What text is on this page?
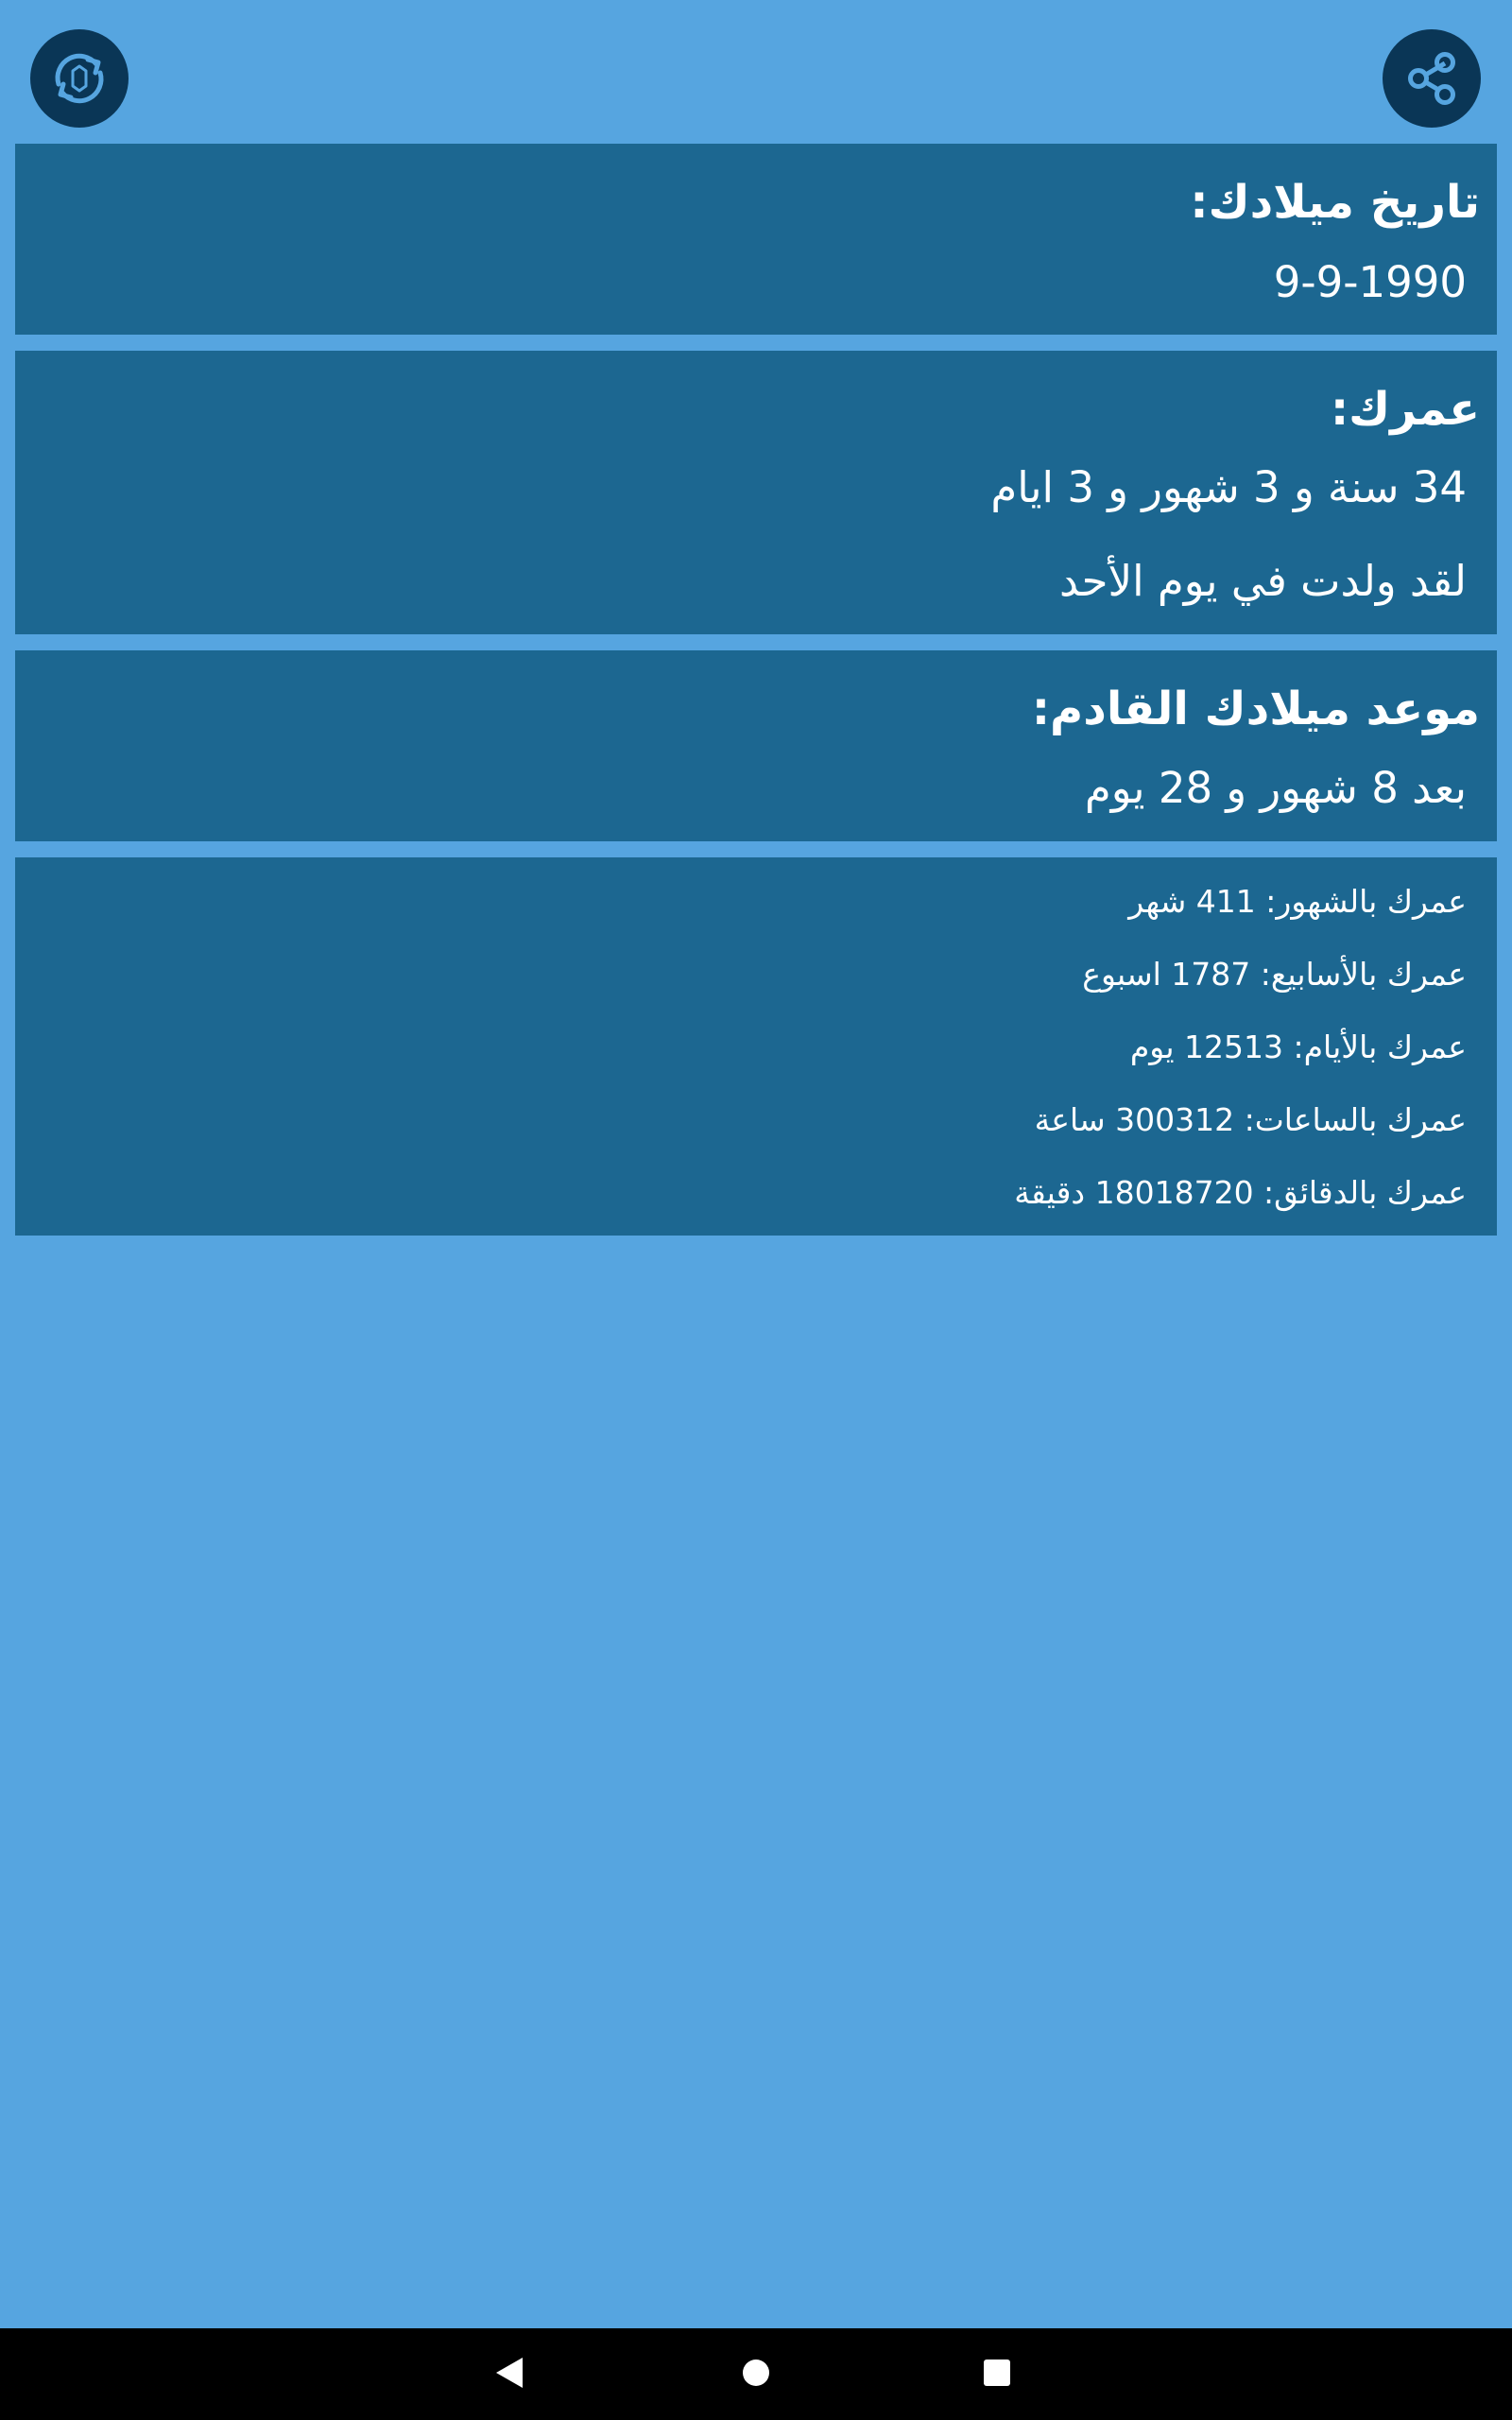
تاريخ ميلادك:
9-9-1990
عمرك:
34 سنة و 3 شهور و 3 ايام
لقد ولدت في يوم الأحد
موعد ميلادك القادم:
بعد 8 شهور و 28 يوم
عمرك بالشهور: 411 شهر
عمرك بالأسابيع: 1787 اسبوع
عمرك بالأيام: 12513 يوم
عمرك بالساعات: 300312 ساعة
عمرك بالدقائق: 18018720 دقيقة
